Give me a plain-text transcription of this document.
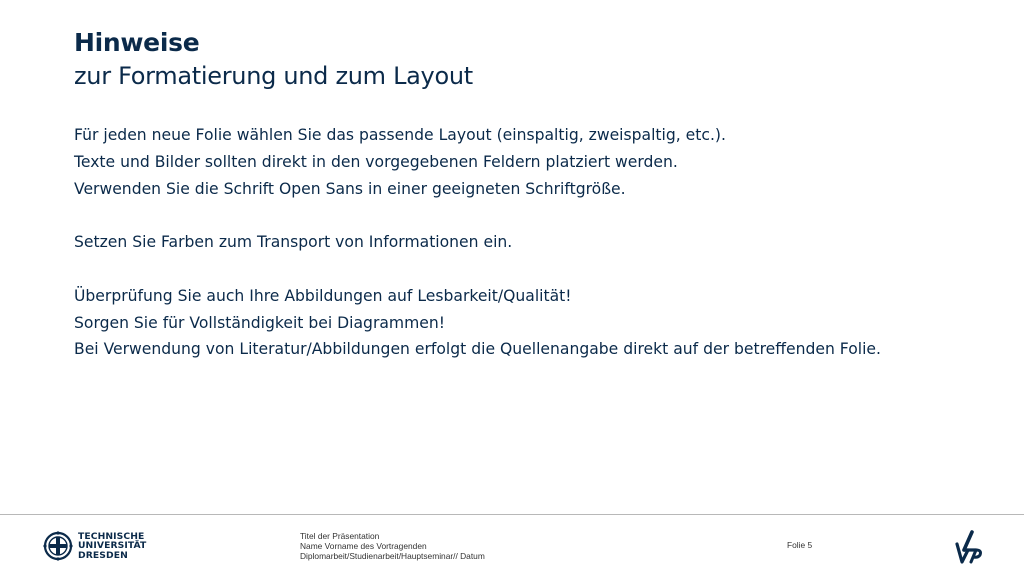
Hinweise
zur Formatierung und zum Layout

Für jeden neue Folie wählen Sie das passende Layout (einspaltig, zweispaltig, etc.).

Texte und Bilder sollten direkt in den vorgegebenen Feldern platziert werden.

Verwenden Sie die Schrift Open Sans in einer geeigneten Schriftgröße.

Setzen Sie Farben zum Transport von Informationen ein.

Überprüfung Sie auch Ihre Abbildungen auf Lesbarkeit/Qualität!

Sorgen Sie für Vollständigkeit bei Diagrammen!

Bei Verwendung von Literatur/Abbildungen erfolgt die Quellenangabe direkt auf der betreffenden Folie.

TECHNISCHE
UNIVERSITÄT
DRESDEN
Titel der Präsentation
Name Vorname des Vortragenden
Diplomarbeit/Studienarbeit/Hauptseminar// Datum
Folie 5
